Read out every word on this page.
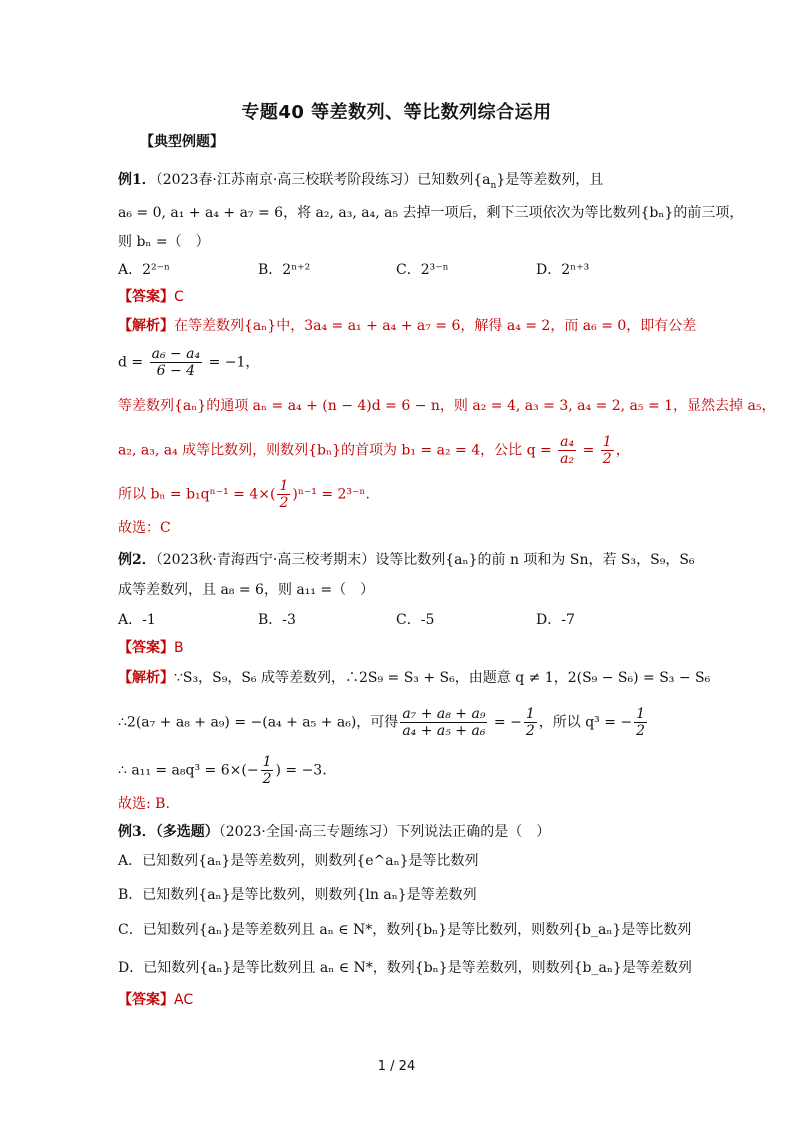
专题40 等差数列、等比数列综合运用
【典型例题】
例1．（2023春·江苏南京·高三校联考阶段练习）已知数列$\{a_n\}$是等差数列，且
a₆ = 0, a₁ + a₄ + a₇ = 6，将 a₂, a₃, a₄, a₅ 去掉一项后，剩下三项依次为等比数列{bₙ}的前三项，
则 bₙ =（　）
A．2²⁻ⁿ	B．2ⁿ⁺²	C．2³⁻ⁿ	D．2ⁿ⁺³
【答案】C
【解析】在等差数列{aₙ}中，3a₄ = a₁ + a₄ + a₇ = 6，解得 a₄ = 2，而 a₆ = 0，即有公差
$d = \frac{\text{a₆ − a₄}}{6 - 4} = -1$，
等差数列{aₙ}的通项 aₙ = a₄ + (n − 4)d = 6 − n，则 a₂ = 4, a₃ = 3, a₄ = 2, a₅ = 1，显然去掉 a₅，
a₂, a₃, a₄ 成等比数列，则数列{bₙ}的首项为 b₁ = a₂ = 4，公比 $q = \frac{\text{a₄}}{\text{a₂}} = \frac{1}{2}$ ，
所以 $b_n = b_1q^{n-1} = 4\times( \frac{1}{2} )^{n-1} = 2^{3-n}$.
故选：C
例2．（2023秋·青海西宁·高三校考期末）设等比数列{aₙ}的前 n 项和为 Sn，若 S₃，S₉，S₆
成等差数列，且 a₈ = 6，则 a₁₁ =（　）
A．-1	B．-3	C．-5	D．-7
【答案】B
【解析】∵S₃，S₉，S₆ 成等差数列，∴2S₉ = S₃ + S₆，由题意 q ≠ 1，2(S₉ − S₆) = S₃ − S₆
∴2(a₇ + a₈ + a₉) = −(a₄ + a₅ + a₆)，可得 $\frac{\text{a₇ + a₈ + a₉}}{\text{a₄ + a₅ + a₆}}$ = − $\frac{1}{2}$ ，所以 q³ = − $\frac{1}{2}$
∴ $a_{11} = a_8q^3 = 6\times(- \frac{1}{2}$ ) = −3.
故选: B.
例3．（多选题）（2023·全国·高三专题练习）下列说法正确的是（　）
A．已知数列{aₙ}是等差数列，则数列{e^aₙ}是等比数列
B．已知数列{aₙ}是等比数列，则数列{ln aₙ}是等差数列
C．已知数列{aₙ}是等差数列且 aₙ ∈ N*，数列{bₙ}是等比数列，则数列{b_aₙ}是等比数列
D．已知数列{aₙ}是等比数列且 aₙ ∈ N*，数列{bₙ}是等差数列，则数列{b_aₙ}是等差数列
【答案】AC
1 / 24
